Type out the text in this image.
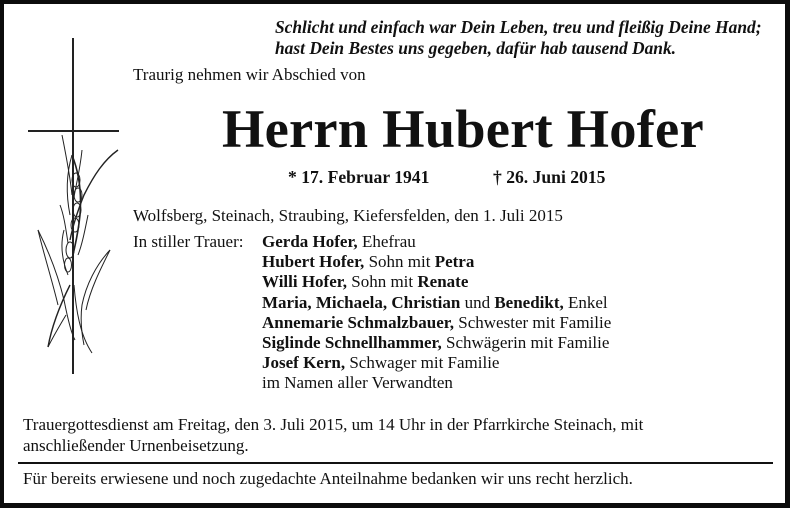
Schlicht und einfach war Dein Leben, treu und fleißig Deine Hand;
hast Dein Bestes uns gegeben, dafür hab tausend Dank.
Traurig nehmen wir Abschied von
Herrn Hubert Hofer
* 17. Februar 1941	† 26. Juni 2015
Wolfsberg, Steinach, Straubing, Kiefersfelden, den 1. Juli 2015
In stiller Trauer: Gerda Hofer, Ehefrau
Hubert Hofer, Sohn mit Petra
Willi Hofer, Sohn mit Renate
Maria, Michaela, Christian und Benedikt, Enkel
Annemarie Schmalzbauer, Schwester mit Familie
Siglinde Schnellhammer, Schwägerin mit Familie
Josef Kern, Schwager mit Familie
im Namen aller Verwandten
Trauergottesdienst am Freitag, den 3. Juli 2015, um 14 Uhr in der Pfarrkirche Steinach, mit anschließender Urnenbeisetzung.
Für bereits erwiesene und noch zugedachte Anteilnahme bedanken wir uns recht herzlich.
